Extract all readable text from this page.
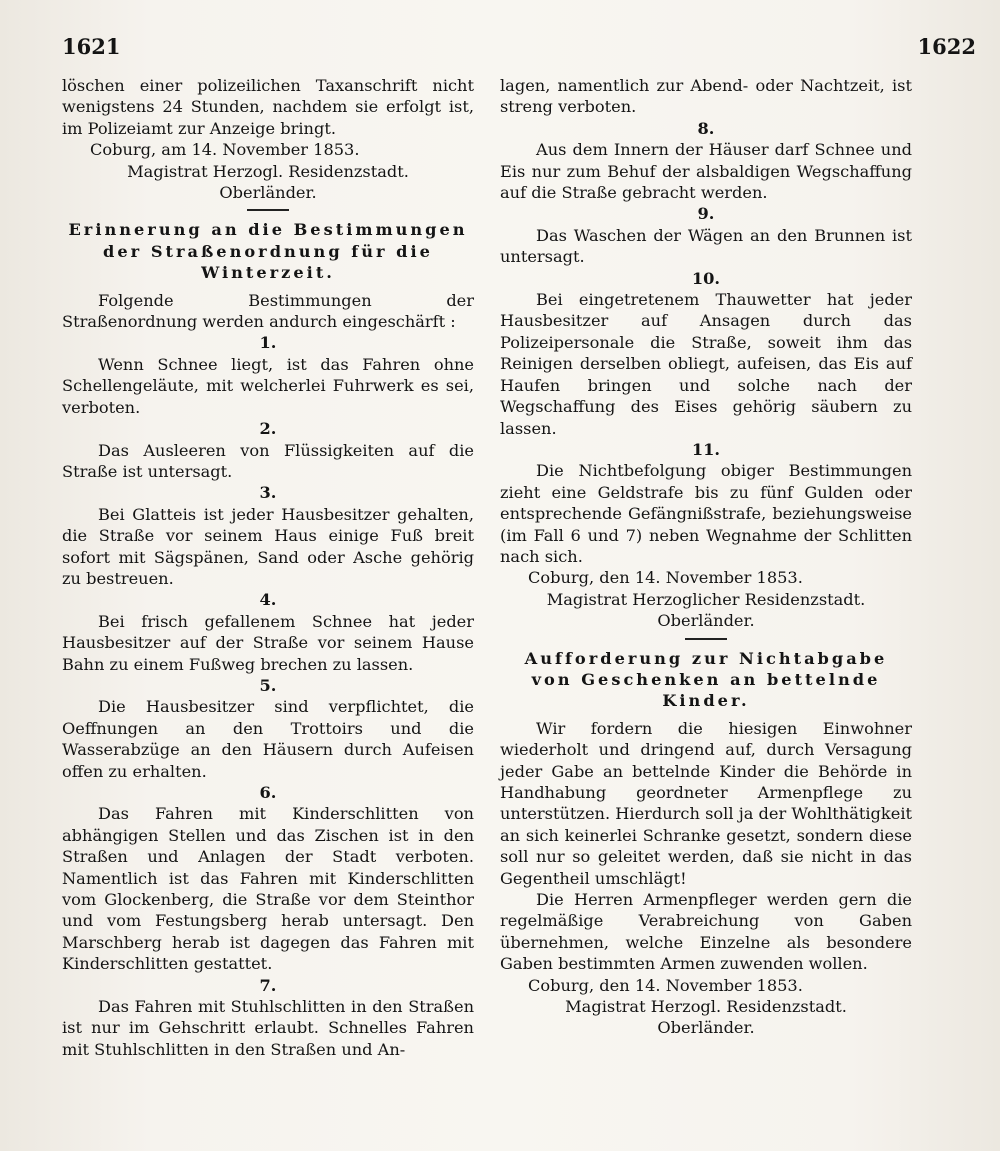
1621	1622

löschen einer polizeilichen Taxanschrift nicht wenigstens 24 Stunden, nachdem sie erfolgt ist, im Polizeiamt zur Anzeige bringt.

Coburg, am 14. November 1853.

Magistrat Herzogl. Residenzstadt.

Oberländer.

Erinnerung an die Bestimmungen der Straßenordnung für die Winterzeit.

Folgende Bestimmungen der Straßenordnung werden andurch eingeschärft :

1.

Wenn Schnee liegt, ist das Fahren ohne Schellengeläute, mit welcherlei Fuhrwerk es sei, verboten.

2.

Das Ausleeren von Flüssigkeiten auf die Straße ist untersagt.

3.

Bei Glatteis ist jeder Hausbesitzer gehalten, die Straße vor seinem Haus einige Fuß breit sofort mit Sägspänen, Sand oder Asche gehörig zu bestreuen.

4.

Bei frisch gefallenem Schnee hat jeder Hausbesitzer auf der Straße vor seinem Hause Bahn zu einem Fußweg brechen zu lassen.

5.

Die Hausbesitzer sind verpflichtet, die Oeffnungen an den Trottoirs und die Wasserabzüge an den Häusern durch Aufeisen offen zu erhalten.

6.

Das Fahren mit Kinderschlitten von abhängigen Stellen und das Zischen ist in den Straßen und Anlagen der Stadt verboten. Namentlich ist das Fahren mit Kinderschlitten vom Glockenberg, die Straße vor dem Steinthor und vom Festungsberg herab untersagt. Den Marschberg herab ist dagegen das Fahren mit Kinderschlitten gestattet.

7.

Das Fahren mit Stuhlschlitten in den Straßen ist nur im Gehschritt erlaubt. Schnelles Fahren mit Stuhlschlitten in den Straßen und An-

lagen, namentlich zur Abend- oder Nachtzeit, ist streng verboten.

8.

Aus dem Innern der Häuser darf Schnee und Eis nur zum Behuf der alsbaldigen Wegschaffung auf die Straße gebracht werden.

9.

Das Waschen der Wägen an den Brunnen ist untersagt.

10.

Bei eingetretenem Thauwetter hat jeder Hausbesitzer auf Ansagen durch das Polizeipersonale die Straße, soweit ihm das Reinigen derselben obliegt, aufeisen, das Eis auf Haufen bringen und solche nach der Wegschaffung des Eises gehörig säubern zu lassen.

11.

Die Nichtbefolgung obiger Bestimmungen zieht eine Geldstrafe bis zu fünf Gulden oder entsprechende Gefängnißstrafe, beziehungsweise (im Fall 6 und 7) neben Wegnahme der Schlitten nach sich.

Coburg, den 14. November 1853.

Magistrat Herzoglicher Residenzstadt.

Oberländer.

Aufforderung zur Nichtabgabe von Geschenken an bettelnde Kinder.

Wir fordern die hiesigen Einwohner wiederholt und dringend auf, durch Versagung jeder Gabe an bettelnde Kinder die Behörde in Handhabung geordneter Armenpflege zu unterstützen. Hierdurch soll ja der Wohlthätigkeit an sich keinerlei Schranke gesetzt, sondern diese soll nur so geleitet werden, daß sie nicht in das Gegentheil umschlägt!

Die Herren Armenpfleger werden gern die regelmäßige Verabreichung von Gaben übernehmen, welche Einzelne als besondere Gaben bestimmten Armen zuwenden wollen.

Coburg, den 14. November 1853.

Magistrat Herzogl. Residenzstadt.

Oberländer.
